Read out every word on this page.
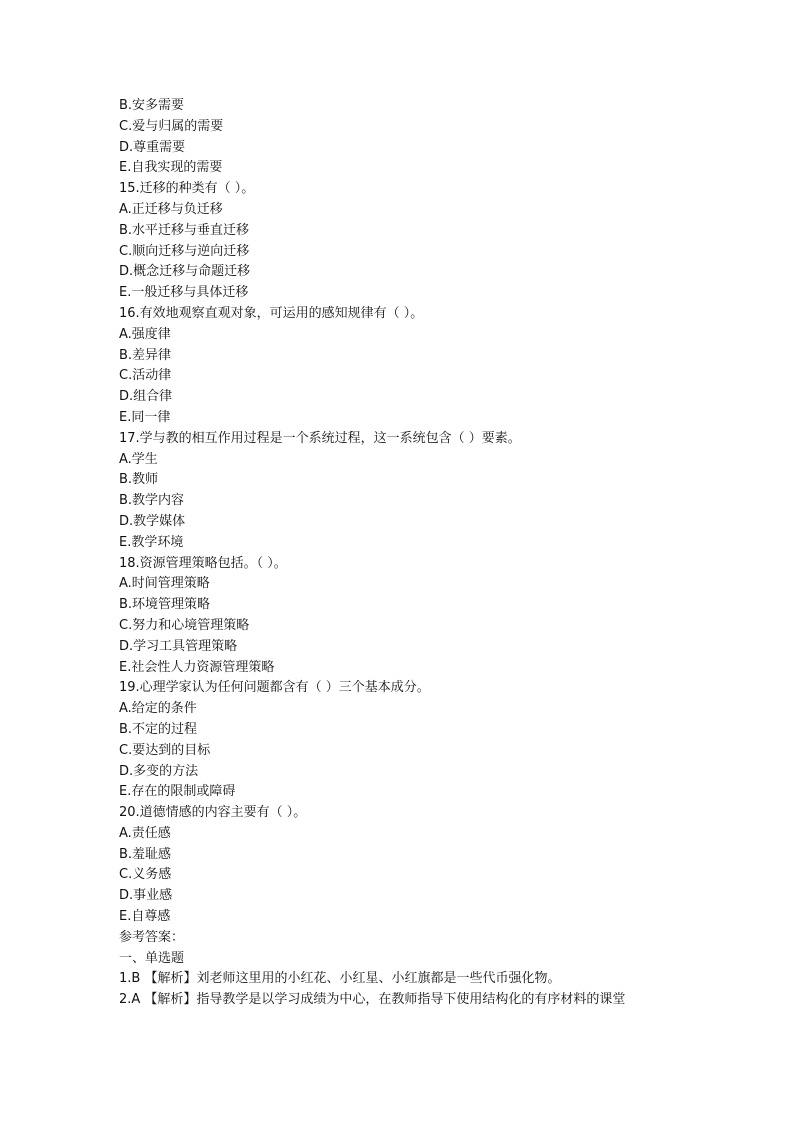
B.安多需要
C.爱与归属的需要
D.尊重需要
E.自我实现的需要
15.迁移的种类有（ ）。
A.正迁移与负迁移
B.水平迁移与垂直迁移
C.顺向迁移与逆向迁移
D.概念迁移与命题迁移
E.一般迁移与具体迁移
16.有效地观察直观对象，可运用的感知规律有（ ）。
A.强度律
B.差异律
C.活动律
D.组合律
E.同一律
17.学与教的相互作用过程是一个系统过程，这一系统包含（ ）要素。
A.学生
B.教师
B.教学内容
D.教学媒体
E.教学环境
18.资源管理策略包括。（ ）。
A.时间管理策略
B.环境管理策略
C.努力和心境管理策略
D.学习工具管理策略
E.社会性人力资源管理策略
19.心理学家认为任何问题都含有（ ）三个基本成分。
A.给定的条件
B.不定的过程
C.要达到的目标
D.多变的方法
E.存在的限制或障碍
20.道德情感的内容主要有（ ）。
A.责任感
B.羞耻感
C.义务感
D.事业感
E.自尊感
参考答案：
一、单选题
1.B 【解析】刘老师这里用的小红花、小红星、小红旗都是一些代币强化物。
2.A 【解析】指导教学是以学习成绩为中心，在教师指导下使用结构化的有序材料的课堂
